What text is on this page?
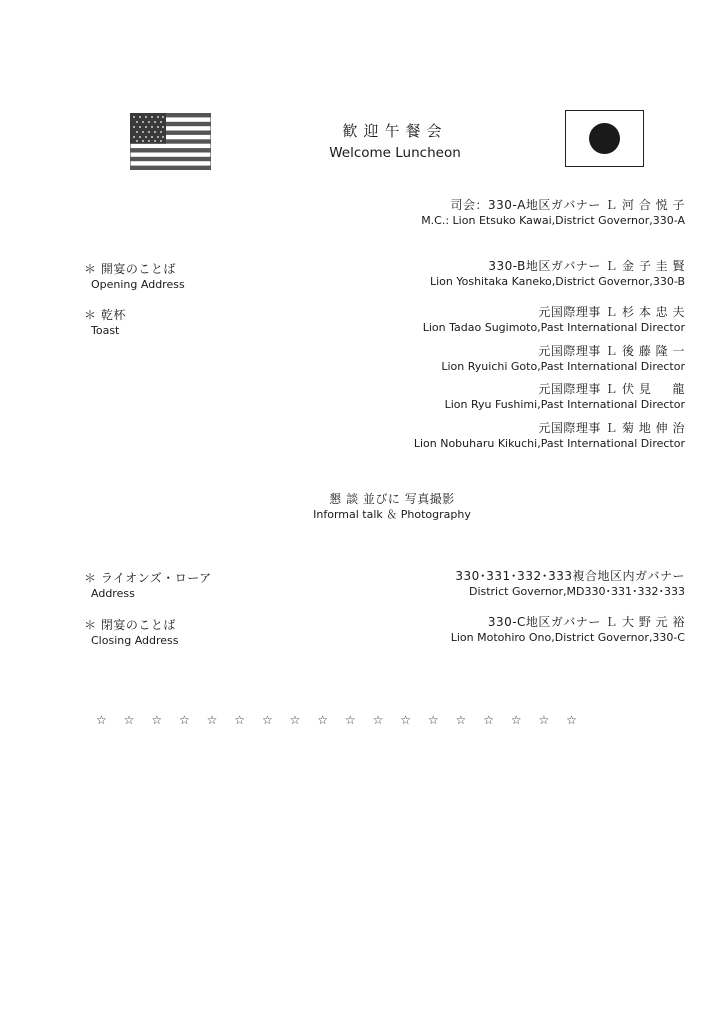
歓迎午餐会
Welcome Luncheon
司会：330-A地区ガバナー Ｌ 河 合 悦 子
M.C.: Lion Etsuko Kawai,District Governor,330-A
＊ 開宴のことば
Opening Address
330-B地区ガバナー Ｌ 金 子 圭 賢
Lion Yoshitaka Kaneko,District Governor,330-B
＊ 乾杯
Toast
元国際理事 Ｌ 杉 本 忠 夫
Lion Tadao Sugimoto,Past International Director
元国際理事 Ｌ 後 藤 隆 一
Lion Ryuichi Goto,Past International Director
元国際理事 Ｌ 伏 見 　 龍
Lion Ryu Fushimi,Past International Director
元国際理事 Ｌ 菊 地 伸 治
Lion Nobuharu Kikuchi,Past International Director
懇 談 並びに 写真撮影
Informal talk ＆ Photography
＊ ライオンズ・ローア
Address
330･331･332･333複合地区内ガバナー
District Governor,MD330･331･332･333
＊ 閉宴のことば
Closing Address
330-C地区ガバナー Ｌ 大 野 元 裕
Lion Motohiro Ono,District Governor,330-C
☆☆☆☆☆☆☆☆☆☆☆☆☆☆☆☆☆☆
